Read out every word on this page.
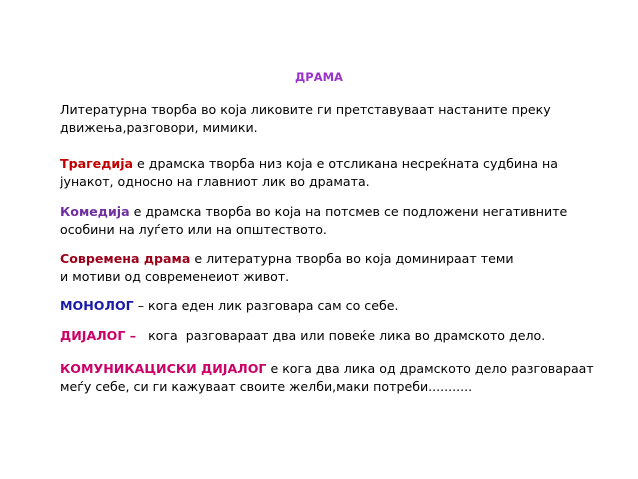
ДРАМА
Литературна творба во која ликовите ги претставуваат настаните преку
движења,разговори, мимики.
Трагедија е драмска творба низ која е отсликана несреќната судбина на
јунакот, односно на главниот лик во драмата.
Комедија е драмска творба во која на потсмев се подложени негативните
особини на луѓето или на општеството.
Современа драма е литературна творба во која доминираат теми
и мотиви од современеиот живот.
МОНОЛОГ – кога еден лик разговара сам со себе.
ДИЈАЛОГ –   кога  разговараат два или повеќе лика во драмското дело.
КОМУНИКАЦИСКИ ДИЈАЛОГ е кога два лика од драмското дело разговараат
меѓу себе, си ги кажуваат своите желби,маки потреби...........
